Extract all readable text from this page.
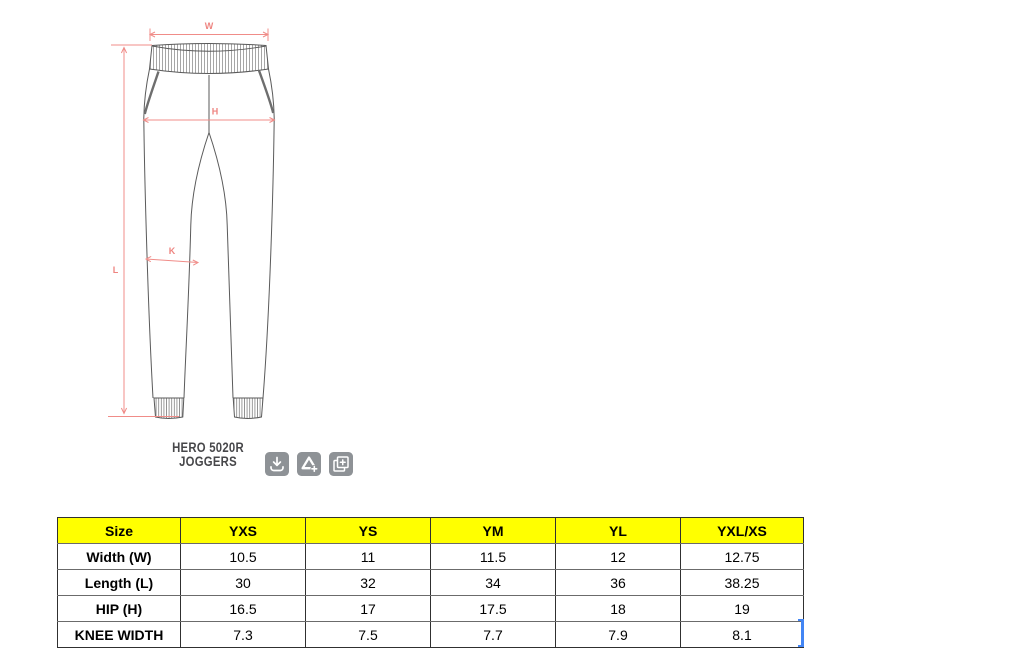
W
H
K
L
HERO 5020R
JOGGERS
Size	YXS	YS	YM	YL	YXL/XS
Width (W)	10.5	11	11.5	12	12.75
Length (L)	30	32	34	36	38.25
HIP (H)	16.5	17	17.5	18	19
KNEE WIDTH	7.3	7.5	7.7	7.9	8.1
